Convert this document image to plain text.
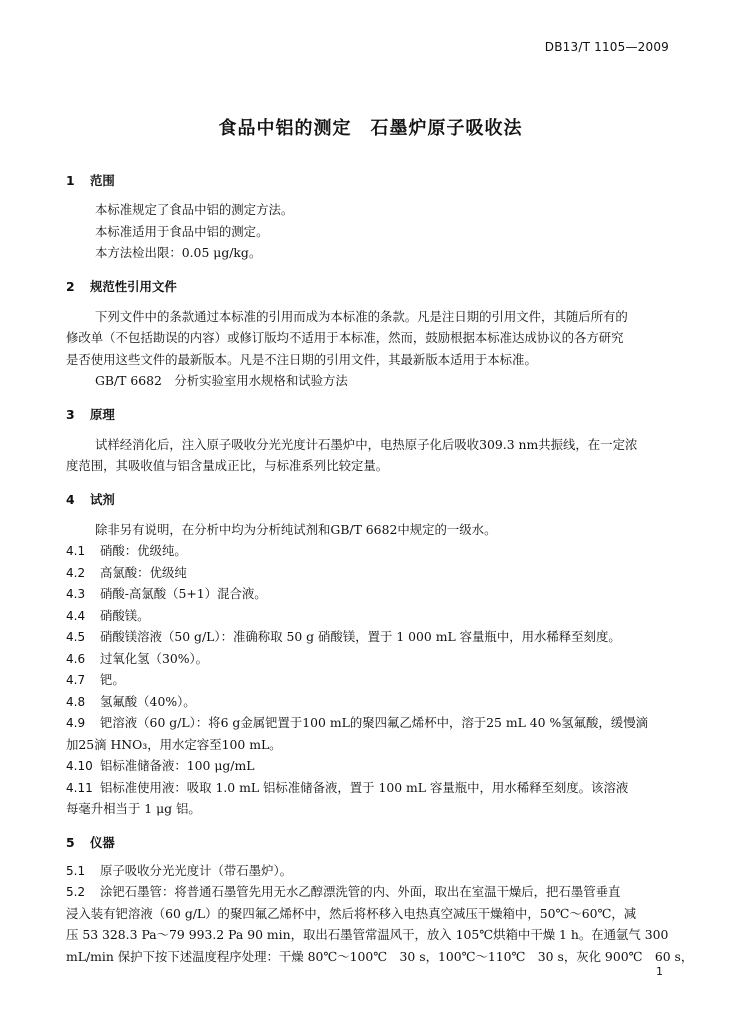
DB13/T 1105—2009
食品中铝的测定　石墨炉原子吸收法
1 范围
本标准规定了食品中铝的测定方法。
本标准适用于食品中铝的测定。
本方法检出限：0.05 μg/kg。
2 规范性引用文件
下列文件中的条款通过本标准的引用而成为本标准的条款。凡是注日期的引用文件，其随后所有的
修改单（不包括勘误的内容）或修订版均不适用于本标准，然而，鼓励根据本标准达成协议的各方研究
是否使用这些文件的最新版本。凡是不注日期的引用文件，其最新版本适用于本标准。
GB/T 6682　分析实验室用水规格和试验方法
3 原理
试样经消化后，注入原子吸收分光光度计石墨炉中，电热原子化后吸收309.3 nm共振线，在一定浓
度范围，其吸收值与铝含量成正比，与标准系列比较定量。
4 试剂
除非另有说明，在分析中均为分析纯试剂和GB/T 6682中规定的一级水。
4.1 硝酸：优级纯。
4.2 高氯酸：优级纯
4.3 硝酸-高氯酸（5+1）混合液。
4.4 硝酸镁。
4.5 硝酸镁溶液（50 g/L）：准确称取 50 g 硝酸镁，置于 1 000 mL 容量瓶中，用水稀释至刻度。
4.6 过氧化氢（30%）。
4.7 钯。
4.8 氢氟酸（40%）。
4.9 钯溶液（60 g/L）：将6 g金属钯置于100 mL的聚四氟乙烯杯中，溶于25 mL 40 %氢氟酸，缓慢滴
加25滴 HNO₃，用水定容至100 mL。
4.10 铝标准储备液：100 μg/mL
4.11 铝标准使用液：吸取 1.0 mL 铝标准储备液，置于 100 mL 容量瓶中，用水稀释至刻度。该溶液
每毫升相当于 1 μg 铝。
5 仪器
5.1 原子吸收分光光度计（带石墨炉）。
5.2 涂钯石墨管：将普通石墨管先用无水乙醇漂洗管的内、外面，取出在室温干燥后，把石墨管垂直
浸入装有钯溶液（60 g/L）的聚四氟乙烯杯中，然后将杯移入电热真空减压干燥箱中，50℃～60℃，减
压 53 328.3 Pa～79 993.2 Pa 90 min，取出石墨管常温风干，放入 105℃烘箱中干燥 1 h。在通氩气 300
mL/min 保护下按下述温度程序处理：干燥 80℃～100℃　30 s，100℃～110℃　30 s，灰化 900℃　60 s，
1
